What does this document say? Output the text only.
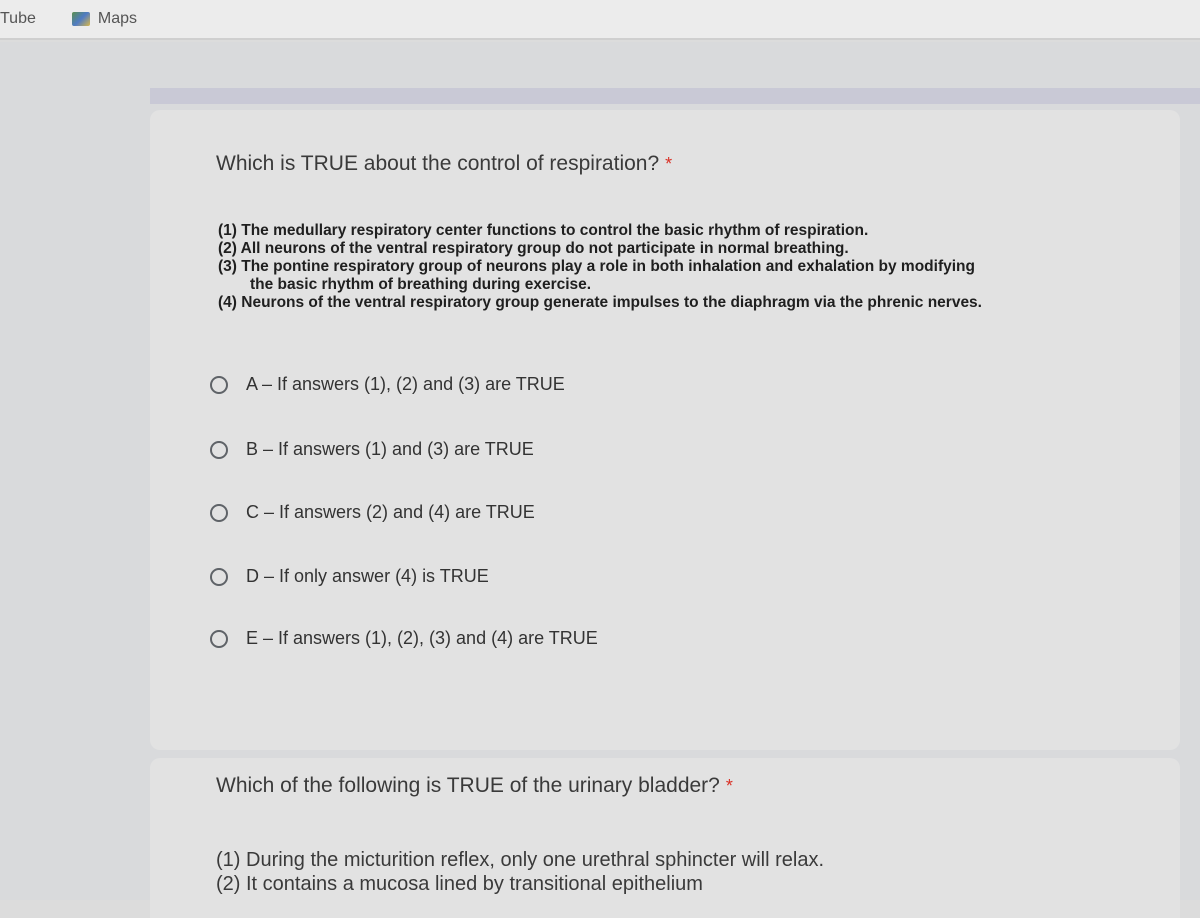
Tube	Maps
Which is TRUE about the control of respiration? *
(1) The medullary respiratory center functions to control the basic rhythm of respiration.
(2) All neurons of the ventral respiratory group do not participate in normal breathing.
(3) The pontine respiratory group of neurons play a role in both inhalation and exhalation by modifying
the basic rhythm of breathing during exercise.
(4) Neurons of the ventral respiratory group generate impulses to the diaphragm via the phrenic nerves.
A – If answers (1), (2) and (3) are TRUE
B – If answers (1) and (3) are TRUE
C – If answers (2) and (4) are TRUE
D – If only answer (4) is TRUE
E – If answers (1), (2), (3) and (4) are TRUE
Which of the following is TRUE of the urinary bladder? *
(1) During the micturition reflex, only one urethral sphincter will relax.
(2) It contains a mucosa lined by transitional epithelium
